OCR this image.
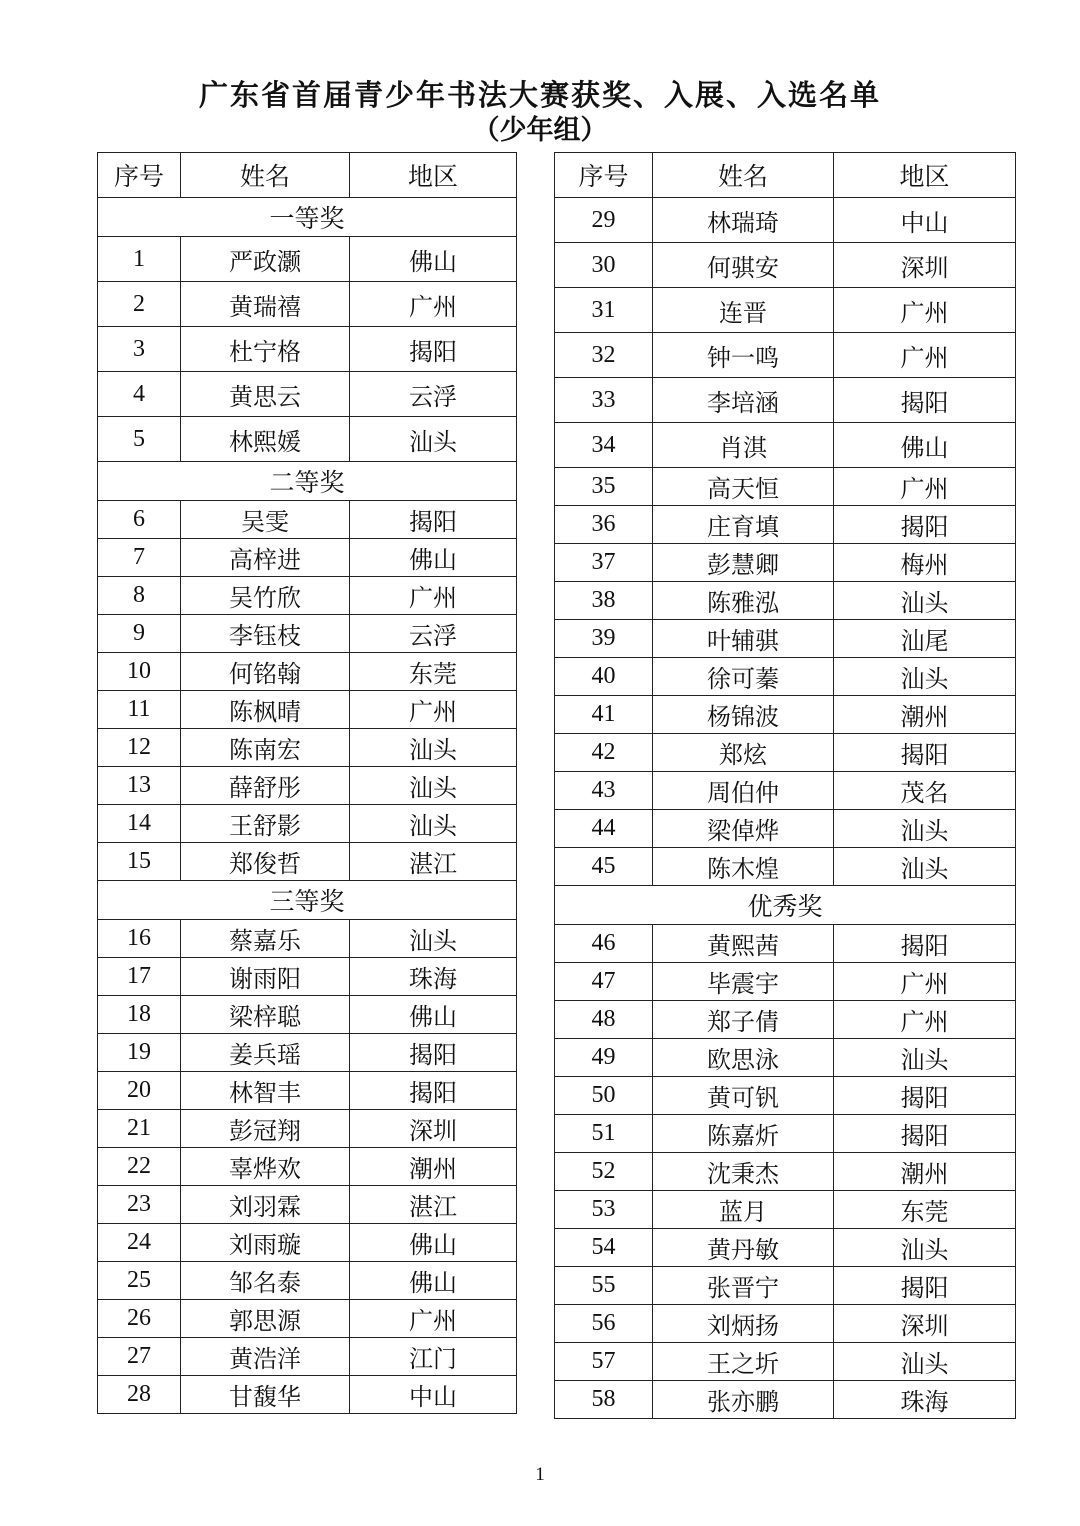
广东省首届青少年书法大赛获奖、入展、入选名单
（少年组）
序号	姓名	地区
一等奖		
1	严政灏	佛山
2	黄瑞禧	广州
3	杜宁格	揭阳
4	黄思云	云浮
5	林熙媛	汕头
二等奖		
6	吴雯	揭阳
7	高梓进	佛山
8	吴竹欣	广州
9	李钰枝	云浮
10	何铭翰	东莞
11	陈枫晴	广州
12	陈南宏	汕头
13	薛舒彤	汕头
14	王舒影	汕头
15	郑俊哲	湛江
三等奖		
16	蔡嘉乐	汕头
17	谢雨阳	珠海
18	梁梓聪	佛山
19	姜兵瑶	揭阳
20	林智丰	揭阳
21	彭冠翔	深圳
22	辜烨欢	潮州
23	刘羽霖	湛江
24	刘雨璇	佛山
25	邹名泰	佛山
26	郭思源	广州
27	黄浩洋	江门
28	甘馥华	中山
序号	姓名	地区
29	林瑞琦	中山
30	何骐安	深圳
31	连晋	广州
32	钟一鸣	广州
33	李培涵	揭阳
34	肖淇	佛山
35	高天恒	广州
36	庄育填	揭阳
37	彭慧卿	梅州
38	陈雅泓	汕头
39	叶辅骐	汕尾
40	徐可蓁	汕头
41	杨锦波	潮州
42	郑炫	揭阳
43	周伯仲	茂名
44	梁倬烨	汕头
45	陈木煌	汕头
优秀奖		
46	黄熙茜	揭阳
47	毕震宇	广州
48	郑子倩	广州
49	欧思泳	汕头
50	黄可钒	揭阳
51	陈嘉炘	揭阳
52	沈秉杰	潮州
53	蓝月	东莞
54	黄丹敏	汕头
55	张晋宁	揭阳
56	刘炳扬	深圳
57	王之圻	汕头
58	张亦鹏	珠海
1
